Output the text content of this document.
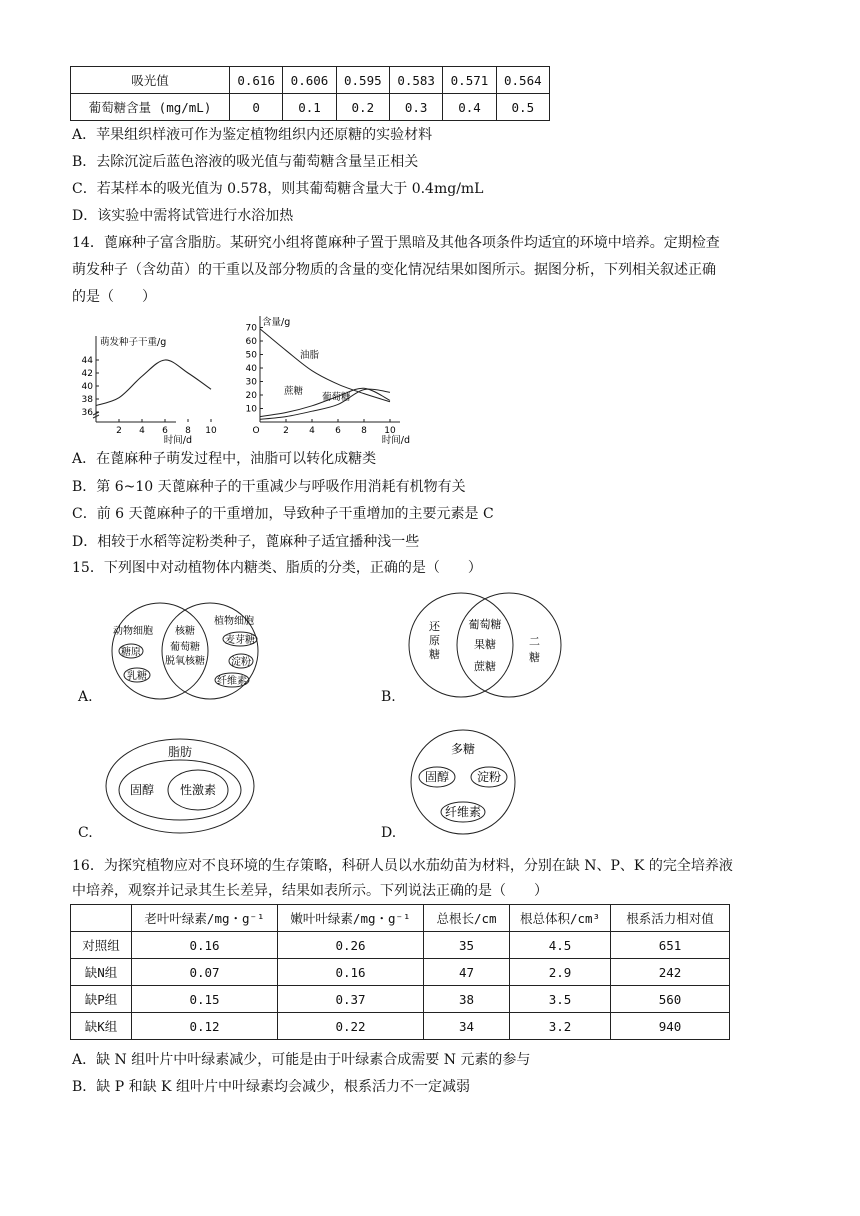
吸光值	0.616	0.606	0.595	0.583	0.571	0.564
葡萄糖含量 (mg/mL)	0	0.1	0.2	0.3	0.4	0.5
A．苹果组织样液可作为鉴定植物组织内还原糖的实验材料
B．去除沉淀后蓝色溶液的吸光值与葡萄糖含量呈正相关
C．若某样本的吸光值为 0.578，则其葡萄糖含量大于 0.4mg/mL
D．该实验中需将试管进行水浴加热
14．蓖麻种子富含脂肪。某研究小组将蓖麻种子置于黑暗及其他各项条件均适宜的环境中培养。定期检查
萌发种子（含幼苗）的干重以及部分物质的含量的变化情况结果如图所示。据图分析，下列相关叙述正确
的是（　　）
36
38
40
42
44
2 4 6 8 10
萌发种子干重/g
时间/d
10
20
30
40
50
60
70
O	2 4 6 8 10
含量/g
时间/d
油脂
蔗糖
葡萄糖
A．在蓖麻种子萌发过程中，油脂可以转化成糖类
B．第 6~10 天蓖麻种子的干重减少与呼吸作用消耗有机物有关
C．前 6 天蓖麻种子的干重增加，导致种子干重增加的主要元素是 C
D．相较于水稻等淀粉类种子，蓖麻种子适宜播种浅一些
15．下列图中对动植物体内糖类、脂质的分类，正确的是（　　）
A.
动物细胞
糖原
乳糖
核糖
葡萄糖
脱氧核糖
植物细胞
麦芽糖
淀粉
纤维素
B.
还原糖
葡萄糖
果糖
蔗糖
二糖
C.
脂肪
固醇 性激素
D.
多糖
固醇 淀粉
纤维素
16．为探究植物应对不良环境的生存策略，科研人员以水茄幼苗为材料，分别在缺 N、P、K 的完全培养液
中培养，观察并记录其生长差异，结果如表所示。下列说法正确的是（　　）
	老叶叶绿素/mg・g⁻¹	嫩叶叶绿素/mg・g⁻¹	总根长/cm	根总体积/cm³	根系活力相对值
对照组	0.16	0.26	35	4.5	651
缺N组	0.07	0.16	47	2.9	242
缺P组	0.15	0.37	38	3.5	560
缺K组	0.12	0.22	34	3.2	940
A．缺 N 组叶片中叶绿素减少，可能是由于叶绿素合成需要 N 元素的参与
B．缺 P 和缺 K 组叶片中叶绿素均会减少，根系活力不一定减弱
